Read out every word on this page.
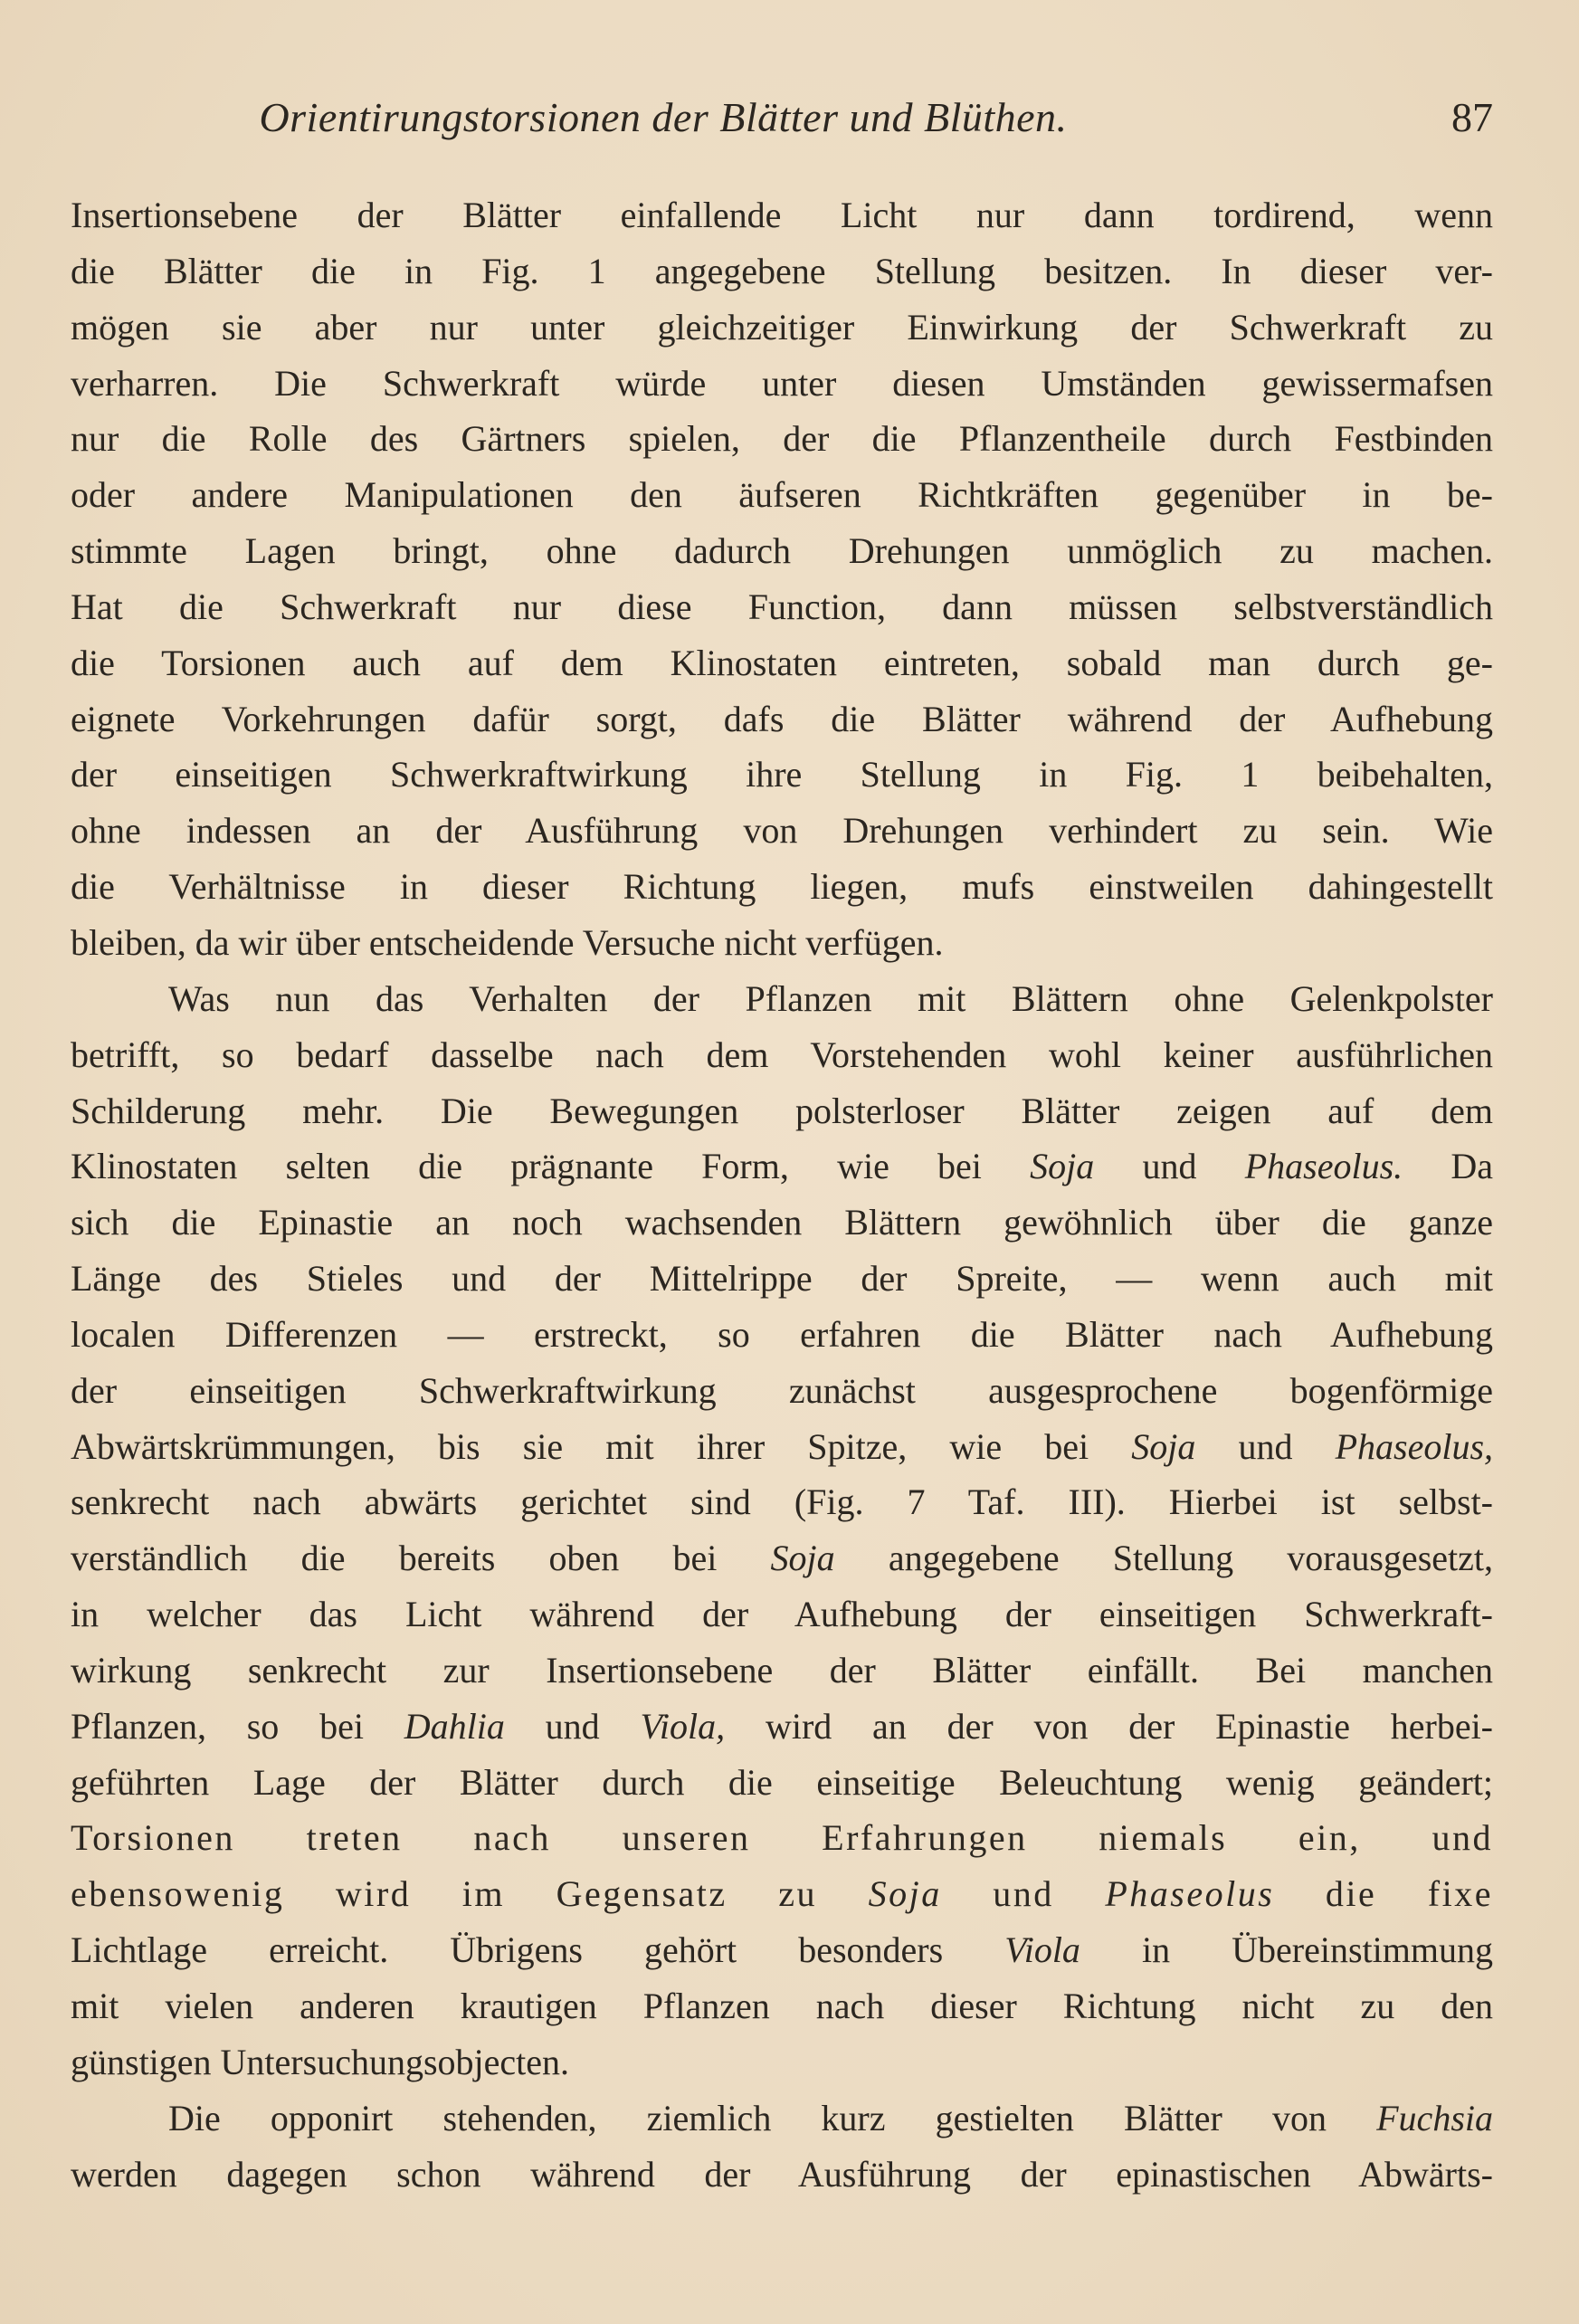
Orientirungstorsionen der Blätter und Blüthen.	87
Insertionsebene der Blätter einfallende Licht nur dann tordirend, wenn
die Blätter die in Fig. 1 angegebene Stellung besitzen. In dieser ver-
mögen sie aber nur unter gleichzeitiger Einwirkung der Schwerkraft zu
verharren. Die Schwerkraft würde unter diesen Umständen gewissermafsen
nur die Rolle des Gärtners spielen, der die Pflanzentheile durch Festbinden
oder andere Manipulationen den äufseren Richtkräften gegenüber in be-
stimmte Lagen bringt, ohne dadurch Drehungen unmöglich zu machen.
Hat die Schwerkraft nur diese Function, dann müssen selbstverständlich
die Torsionen auch auf dem Klinostaten eintreten, sobald man durch ge-
eignete Vorkehrungen dafür sorgt, dafs die Blätter während der Aufhebung
der einseitigen Schwerkraftwirkung ihre Stellung in Fig. 1 beibehalten,
ohne indessen an der Ausführung von Drehungen verhindert zu sein. Wie
die Verhältnisse in dieser Richtung liegen, mufs einstweilen dahingestellt
bleiben, da wir über entscheidende Versuche nicht verfügen.
Was nun das Verhalten der Pflanzen mit Blättern ohne Gelenkpolster
betrifft, so bedarf dasselbe nach dem Vorstehenden wohl keiner ausführlichen
Schilderung mehr. Die Bewegungen polsterloser Blätter zeigen auf dem
Klinostaten selten die prägnante Form, wie bei Soja und Phaseolus. Da
sich die Epinastie an noch wachsenden Blättern gewöhnlich über die ganze
Länge des Stieles und der Mittelrippe der Spreite, — wenn auch mit
localen Differenzen — erstreckt, so erfahren die Blätter nach Aufhebung
der einseitigen Schwerkraftwirkung zunächst ausgesprochene bogenförmige
Abwärtskrümmungen, bis sie mit ihrer Spitze, wie bei Soja und Phaseolus,
senkrecht nach abwärts gerichtet sind (Fig. 7 Taf. III). Hierbei ist selbst-
verständlich die bereits oben bei Soja angegebene Stellung vorausgesetzt,
in welcher das Licht während der Aufhebung der einseitigen Schwerkraft-
wirkung senkrecht zur Insertionsebene der Blätter einfällt. Bei manchen
Pflanzen, so bei Dahlia und Viola, wird an der von der Epinastie herbei-
geführten Lage der Blätter durch die einseitige Beleuchtung wenig geändert;
Torsionen treten nach unseren Erfahrungen niemals ein, und
ebensowenig wird im Gegensatz zu Soja und Phaseolus die fixe
Lichtlage erreicht. Übrigens gehört besonders Viola in Übereinstimmung
mit vielen anderen krautigen Pflanzen nach dieser Richtung nicht zu den
günstigen Untersuchungsobjecten.
Die opponirt stehenden, ziemlich kurz gestielten Blätter von Fuchsia
werden dagegen schon während der Ausführung der epinastischen Abwärts-
